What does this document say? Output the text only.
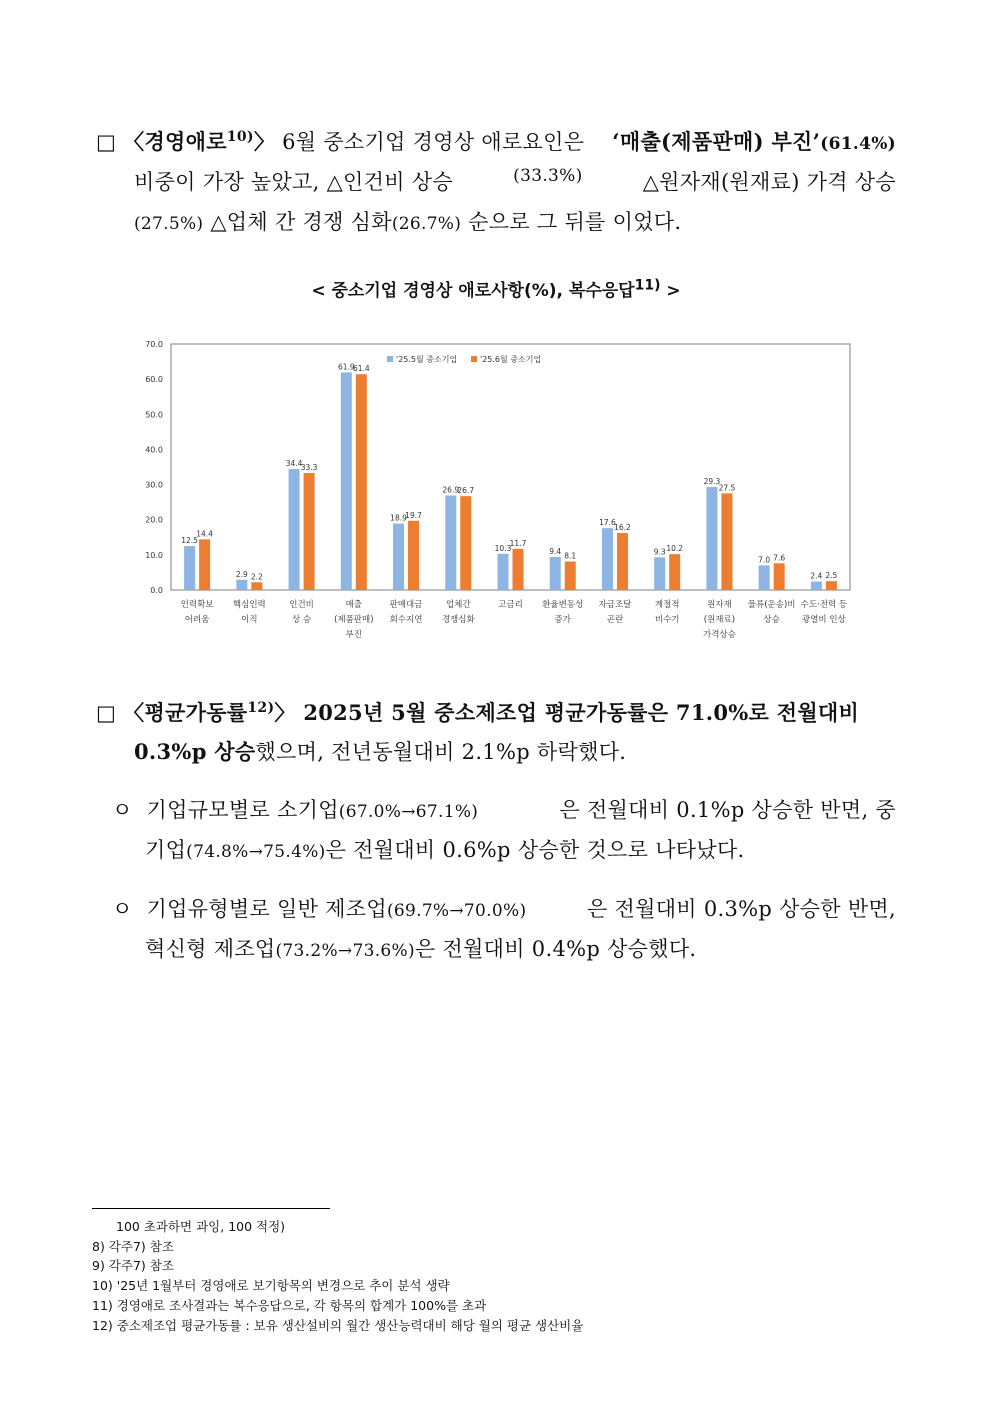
□ 〈경영애로$^{10)}$〉 6월 중소기업 경영상 애로요인은 ‘매출(제품판매) 부진’(61.4%)
비중이 가장 높았고, △인건비 상승	(33.3%)	△원자재(원재료) 가격 상승
(27.5%) △업체 간 경쟁 심화(26.7%) 순으로 그 뒤를 이었다.
< 중소기업 경영상 애로사항(%), 복수응답$^{11)}$ >
0.0
10.0
20.0
30.0
40.0
50.0
60.0
70.0
12.5
14.4
인력확보
어려움
2.9 2.2
핵심인력
이직
34.4
33.3
인건비
상 승
61.9
61.4
매출
(제품판매)
부진
18.9
19.7
판매대금
회수지연
26.9
26.7
업체간
경쟁심화
10.3
11.7
고금리
9.4
8.1
환율변동성
증가
17.6
16.2
자금조달
곤란
9.3 10.2
계절적
비수기
29.3
27.5
원자재
(원재료)
가격상승
7.0 7.6
물류(운송)비
상승
2.4 2.5
수도·전력 등
광열비 인상
'25.5월 중소기업	'25.6월 중소기업
□ 〈평균가동률$^{12)}$〉 2025년 5월 중소제조업 평균가동률은 71.0%로 전월대비
0.3%p 상승했으며, 전년동월대비 2.1%p 하락했다.
ㅇ 기업규모별로 소기업(67.0%→67.1%)	은 전월대비 0.1%p 상승한 반면, 중
기업(74.8%→75.4%)은 전월대비 0.6%p 상승한 것으로 나타났다.
ㅇ 기업유형별로 일반 제조업(69.7%→70.0%)	은 전월대비 0.3%p 상승한 반면,
혁신형 제조업(73.2%→73.6%)은 전월대비 0.4%p 상승했다.
100 초과하면 과잉, 100 적정)
8) 각주7) 참조
9) 각주7) 참조
10) '25년 1월부터 경영애로 보기항목의 변경으로 추이 분석 생략
11) 경영애로 조사결과는 복수응답으로, 각 항목의 합계가 100%를 초과
12) 중소제조업 평균가동률 : 보유 생산설비의 월간 생산능력대비 해당 월의 평균 생산비율
